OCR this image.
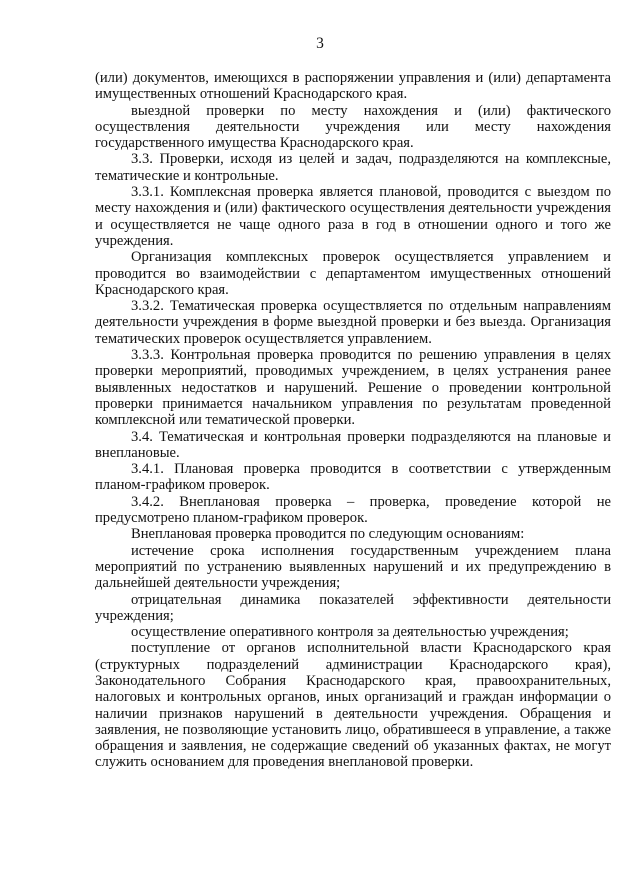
3

(или) документов, имеющихся в распоряжении управления и (или) департамента имущественных отношений Краснодарского края.

выездной проверки по месту нахождения и (или) фактического осуществления деятельности учреждения или месту нахождения государственного имущества Краснодарского края.

3.3. Проверки, исходя из целей и задач, подразделяются на комплексные, тематические и контрольные.

3.3.1. Комплексная проверка является плановой, проводится с выездом по месту нахождения и (или) фактического осуществления деятельности учреждения и осуществляется не чаще одного раза в год в отношении одного и того же учреждения.

Организация комплексных проверок осуществляется управлением и проводится во взаимодействии с департаментом имущественных отношений Краснодарского края.

3.3.2. Тематическая проверка осуществляется по отдельным направлениям деятельности учреждения в форме выездной проверки и без выезда. Организация тематических проверок осуществляется управлением.

3.3.3. Контрольная проверка проводится по решению управления в целях проверки мероприятий, проводимых учреждением, в целях устранения ранее выявленных недостатков и нарушений. Решение о проведении контрольной проверки принимается начальником управления по результатам проведенной комплексной или тематической проверки.

3.4. Тематическая и контрольная проверки подразделяются на плановые и внеплановые.

3.4.1. Плановая проверка проводится в соответствии с утвержденным планом-графиком проверок.

3.4.2. Внеплановая проверка – проверка, проведение которой не предусмотрено планом-графиком проверок.

Внеплановая проверка проводится по следующим основаниям:

истечение срока исполнения государственным учреждением плана мероприятий по устранению выявленных нарушений и их предупреждению в дальнейшей деятельности учреждения;

отрицательная динамика показателей эффективности деятельности учреждения;

осуществление оперативного контроля за деятельностью учреждения;

поступление от органов исполнительной власти Краснодарского края (структурных подразделений администрации Краснодарского края), Законодательного Собрания Краснодарского края, правоохранительных, налоговых и контрольных органов, иных организаций и граждан информации о наличии признаков нарушений в деятельности учреждения. Обращения и заявления, не позволяющие установить лицо, обратившееся в управление, а также обращения и заявления, не содержащие сведений об указанных фактах, не могут служить основанием для проведения внеплановой проверки.
